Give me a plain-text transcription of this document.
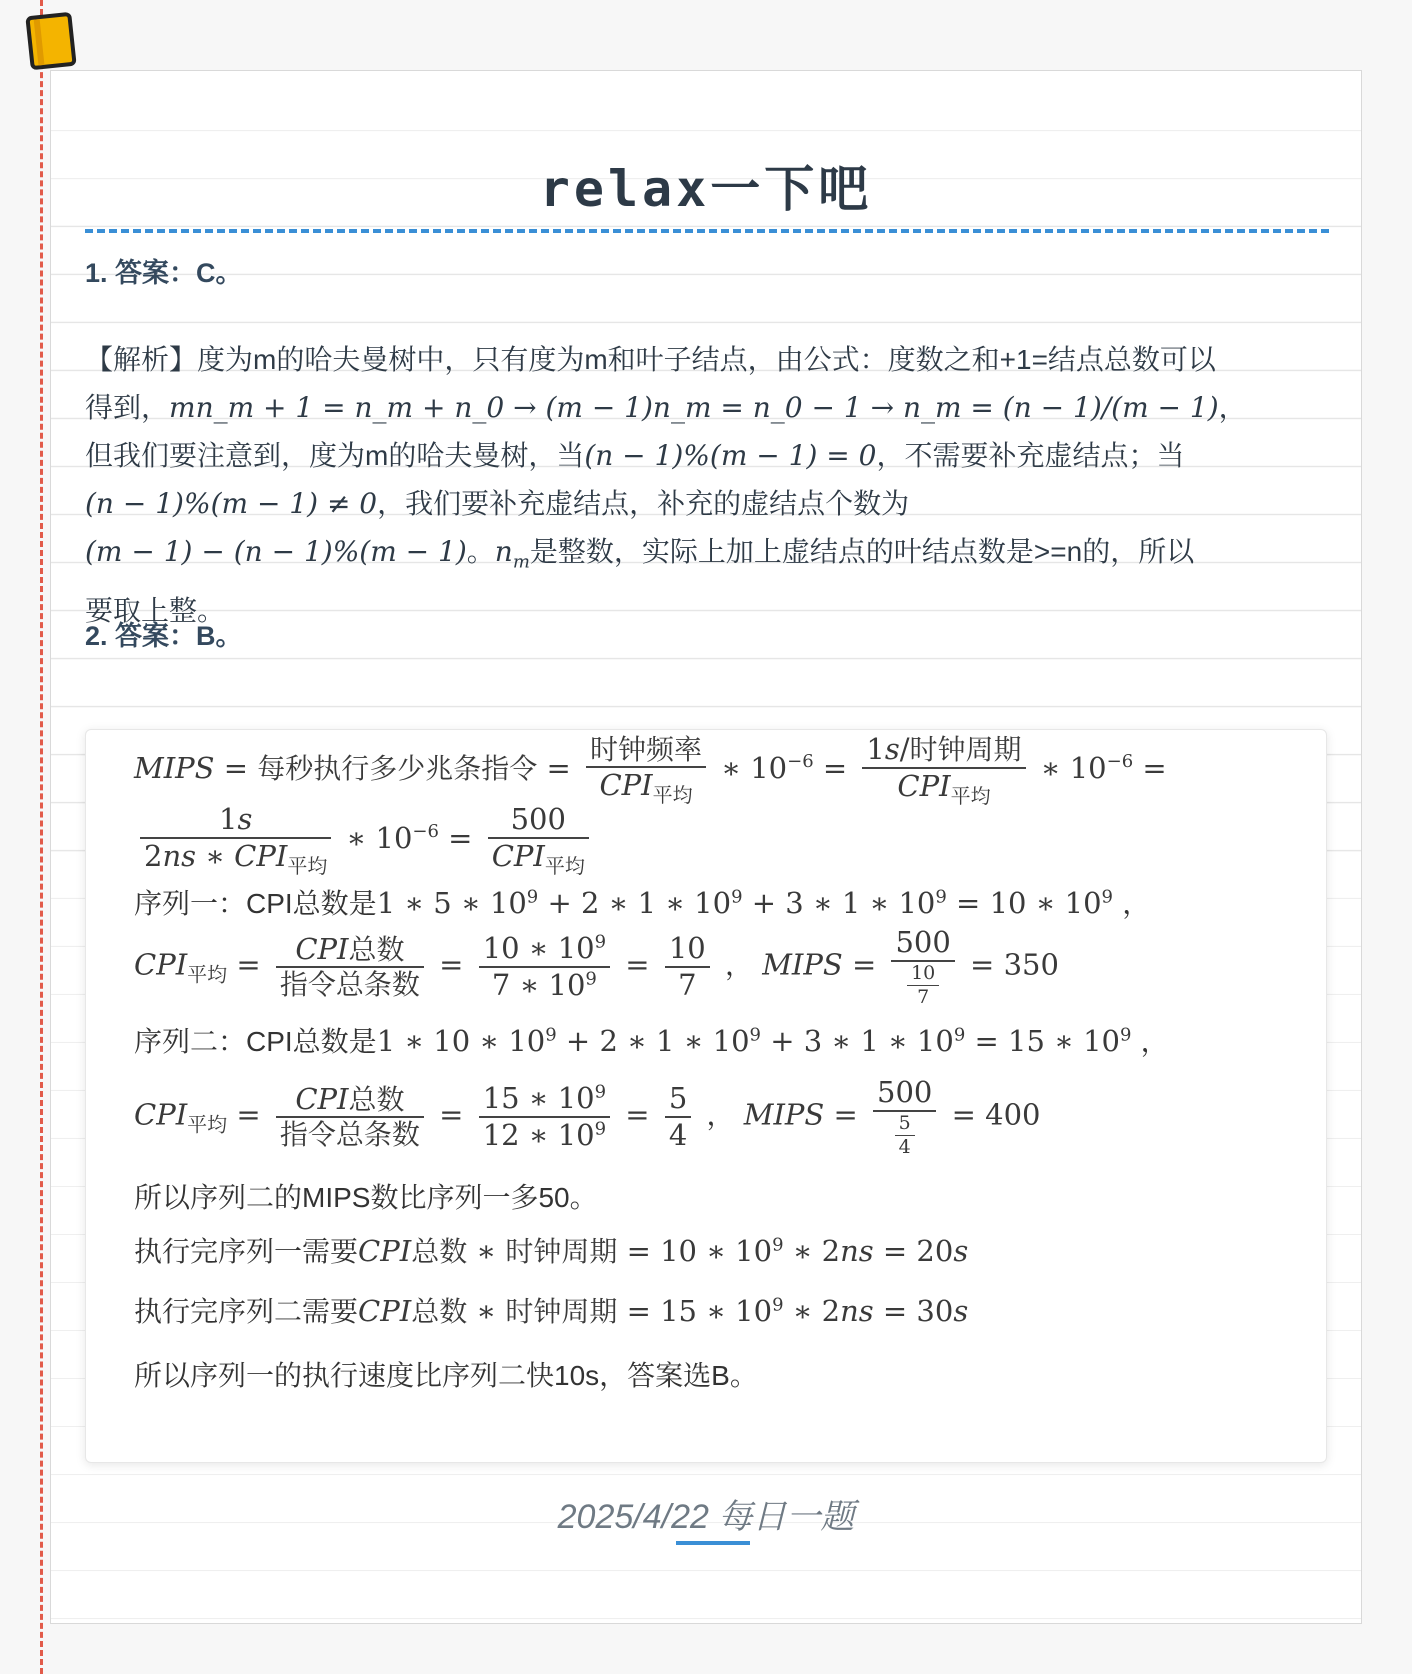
relax一下吧
1. 答案：C。
【解析】度为m的哈夫曼树中，只有度为m和叶子结点，由公式：度数之和+1=结点总数可以
得到，mn_m + 1 = n_m + n_0 → (m − 1)n_m = n_0 − 1 → n_m = (n − 1)/(m − 1)，
但我们要注意到，度为m的哈夫曼树，当(n − 1)%(m − 1) = 0，不需要补充虚结点；当
(n − 1)%(m − 1) ≠ 0，我们要补充虚结点，补充的虚结点个数为
(m − 1) − (n − 1)%(m − 1)。$n_m$是整数，实际上加上虚结点的叶结点数是>=n的，所以
要取上整。
2. 答案：B。
MIPS = 每秒执行多少兆条指令 = $\frac{\text{时钟频率}}{CPI_{平均}}$ ∗ $10^{-6} = \frac{\text{1s/时钟周期}}{CPI_{平均}}$ ∗ $10^{-6}$ =
$\frac{1s}{2ns ∗ CPI_{平均}}$ ∗ $10^{-6} = \frac{500}{CPI_{平均}}$
序列一：CPI总数是1 ∗ 5 ∗ $10^9 + 2$ ∗ 1 ∗ $10^9 + 3$ ∗ 1 ∗ $10^9 = 10$ ∗ $10^9$ ，
$CPI_{平均} = \frac{\text{CPI总数}}{\text{指令总条数}} = \frac{10 ∗ 10^9}{7 ∗ 10^9} = \frac{10}{7}$ ， MIPS = $\frac{500}{\frac{10}{7}} = 350$
序列二：CPI总数是1 ∗ 10 ∗ $10^9 + 2$ ∗ 1 ∗ $10^9 + 3$ ∗ 1 ∗ $10^9 = 15$ ∗ $10^9$ ，
$CPI_{平均} = \frac{\text{CPI总数}}{\text{指令总条数}} = \frac{15 ∗ 10^9}{12 ∗ 10^9} = \frac{5}{4}$ ， MIPS = $\frac{500}{\frac{5}{4}} = 400$
所以序列二的MIPS数比序列一多50。
执行完序列一需要CPI总数 ∗ 时钟周期 = 10 ∗ $10^9$ ∗ 2ns = 20s
执行完序列二需要CPI总数 ∗ 时钟周期 = 15 ∗ $10^9$ ∗ 2ns = 30s
所以序列一的执行速度比序列二快10s，答案选B。
2025/4/22 每日一题
